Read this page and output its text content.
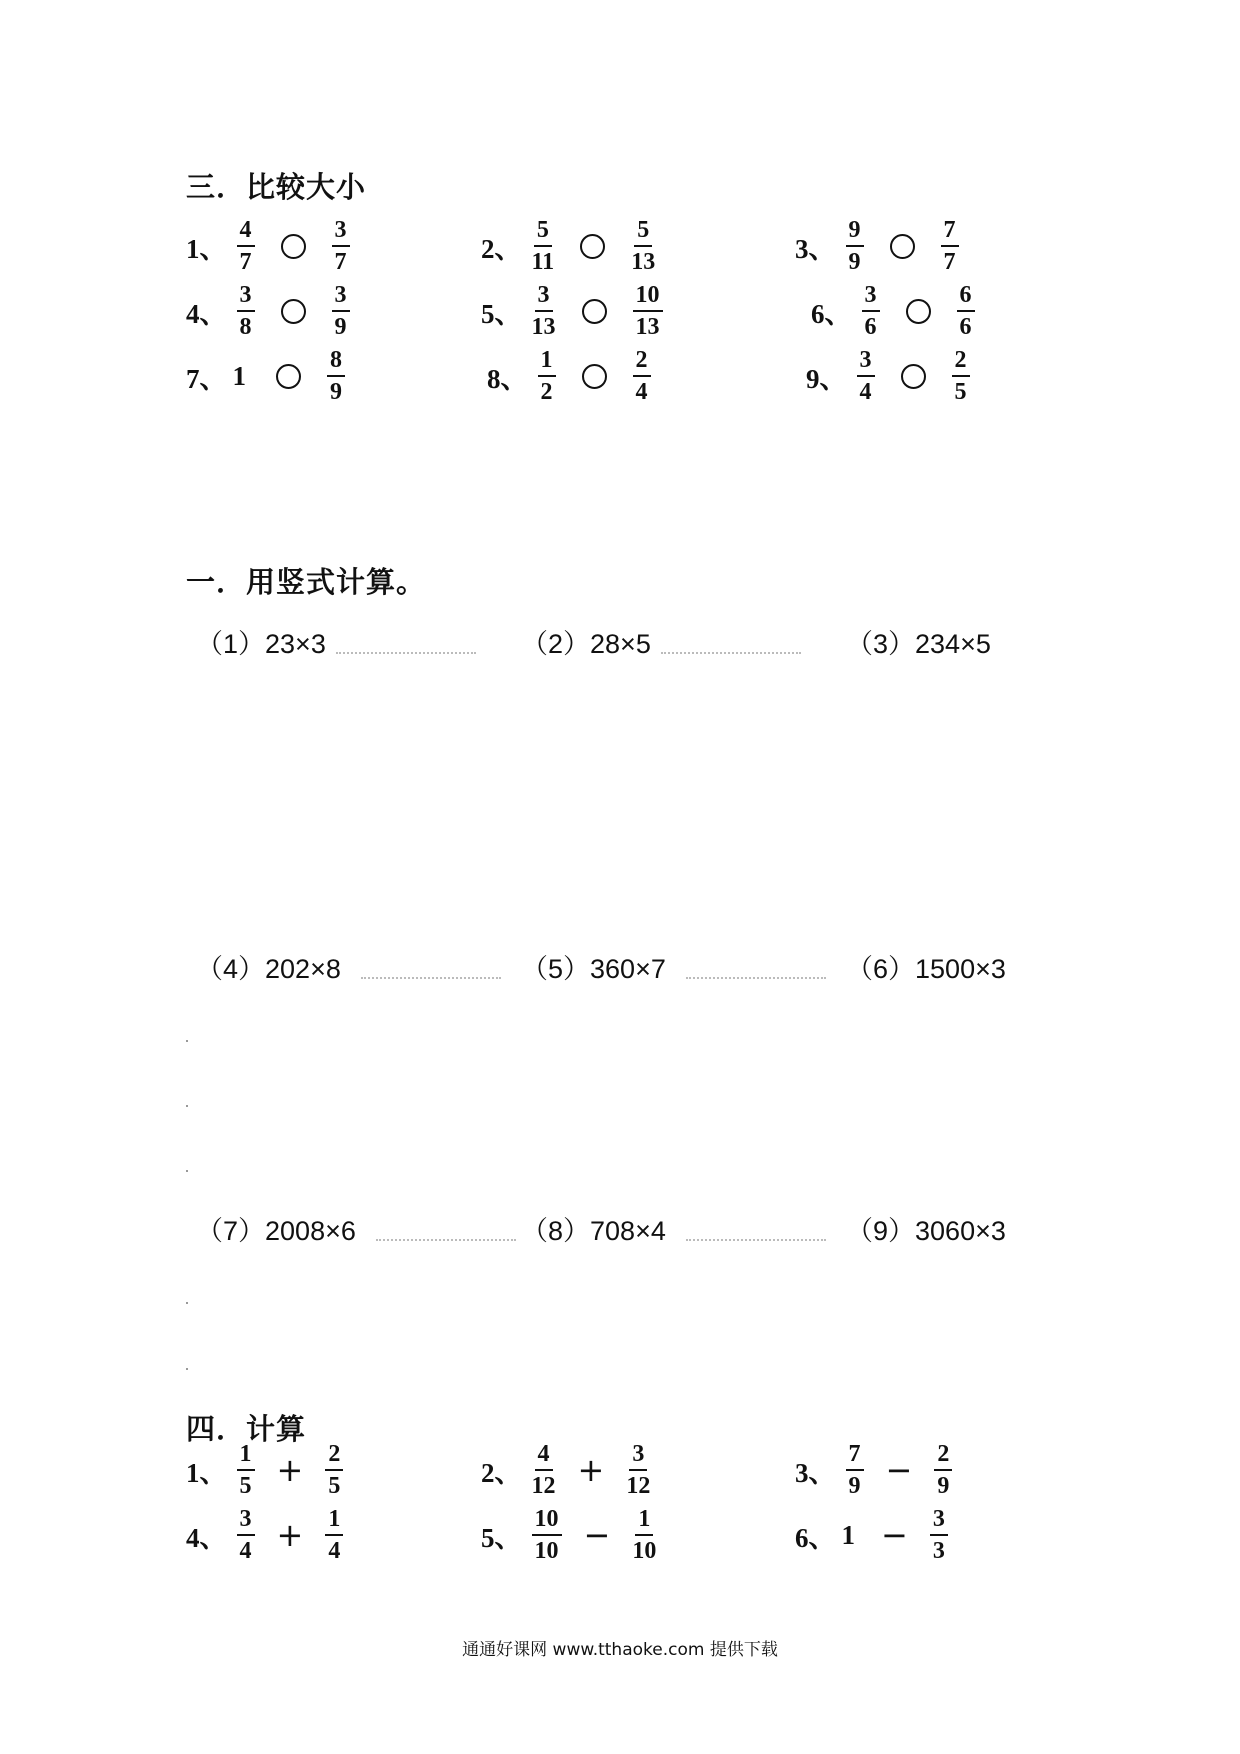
三．比较大小
1、 $\frac{4}{7}$	$\frac{3}{7}$	2、 $\frac{5}{11}$	$\frac{5}{13}$	3、 $\frac{9}{9}$	$\frac{7}{7}$
4、 $\frac{3}{8}$	$\frac{3}{9}$	5、 $\frac{3}{13}$	$\frac{10}{13}$	6、 $\frac{3}{6}$	$\frac{6}{6}$
7、 1	$\frac{8}{9}$	8、 $\frac{1}{2}$	$\frac{2}{4}$	9、 $\frac{3}{4}$	$\frac{2}{5}$
一．用竖式计算。
（1）23×3	（2）28×5	（3）234×5
（4）202×8	（5）360×7	（6）1500×3
（7）2008×6	（8）708×4	（9）3060×3
四．计算
1、 $\frac{1}{5} + \frac{2}{5}$	2、 $\frac{4}{12} + \frac{3}{12}$	3、 $\frac{7}{9} - \frac{2}{9}$
4、 $\frac{3}{4} + \frac{1}{4}$	5、 $\frac{10}{10} - \frac{1}{10}$	6、 $1 - \frac{3}{3}$
通通好课网 www.tthaoke.com 提供下载
